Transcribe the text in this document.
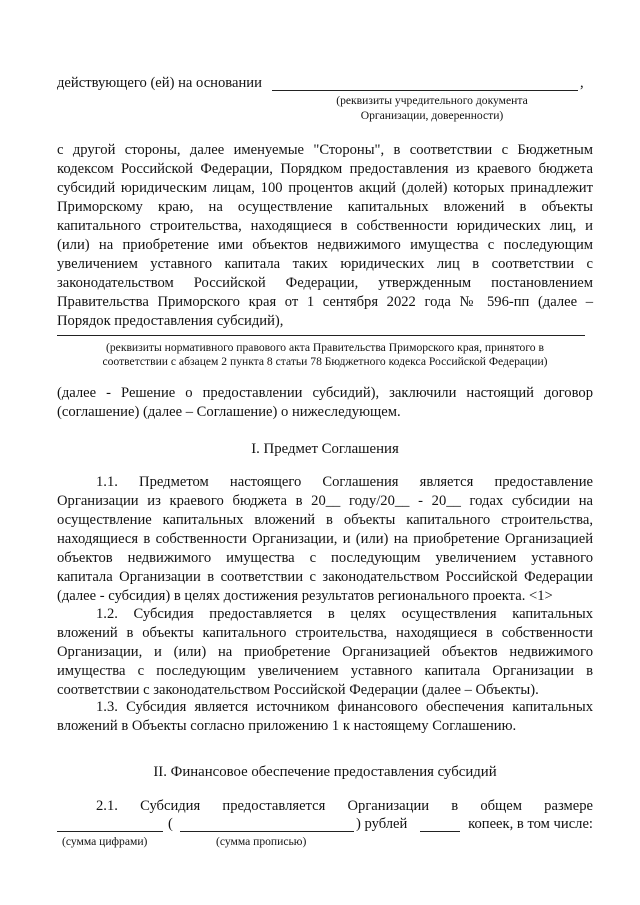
действующего (ей) на основании	,
(реквизиты учредительного документа
Организации, доверенности)
с другой стороны, далее именуемые "Стороны", в соответствии с Бюджетным
кодексом Российской Федерации, Порядком предоставления из краевого бюджета
субсидий юридическим лицам, 100 процентов акций (долей) которых принадлежит
Приморскому краю, на осуществление капитальных вложений в объекты
капитального строительства, находящиеся в собственности юридических лиц, и
(или) на приобретение ими объектов недвижимого имущества с последующим
увеличением уставного капитала таких юридических лиц в соответствии с
законодательством Российской Федерации, утвержденным постановлением
Правительства Приморского края от 1 сентября 2022 года № 596-пп (далее –
Порядок предоставления субсидий),
(реквизиты нормативного правового акта Правительства Приморского края, принятого в
соответствии с абзацем 2 пункта 8 статьи 78 Бюджетного кодекса Российской Федерации)
(далее - Решение о предоставлении субсидий), заключили настоящий договор
(соглашение) (далее – Соглашение) о нижеследующем.
I. Предмет Соглашения
1.1. Предметом настоящего Соглашения является предоставление
Организации из краевого бюджета в 20__ году/20__ - 20__ годах субсидии на
осуществление капитальных вложений в объекты капитального строительства,
находящиеся в собственности Организации, и (или) на приобретение Организацией
объектов недвижимого имущества с последующим увеличением уставного
капитала Организации в соответствии с законодательством Российской Федерации
(далее - субсидия) в целях достижения результатов регионального проекта. <1>
1.2. Субсидия предоставляется в целях осуществления капитальных
вложений в объекты капитального строительства, находящиеся в собственности
Организации, и (или) на приобретение Организацией объектов недвижимого
имущества с последующим увеличением уставного капитала Организации в
соответствии с законодательством Российской Федерации (далее – Объекты).
1.3. Субсидия является источником финансового обеспечения капитальных
вложений в Объекты согласно приложению 1 к настоящему Соглашению.
II. Финансовое обеспечение предоставления субсидий
2.1. Субсидия предоставляется Организации в общем размере
(	) рублей	копеек, в том числе:
(сумма цифрами)	(сумма прописью)
